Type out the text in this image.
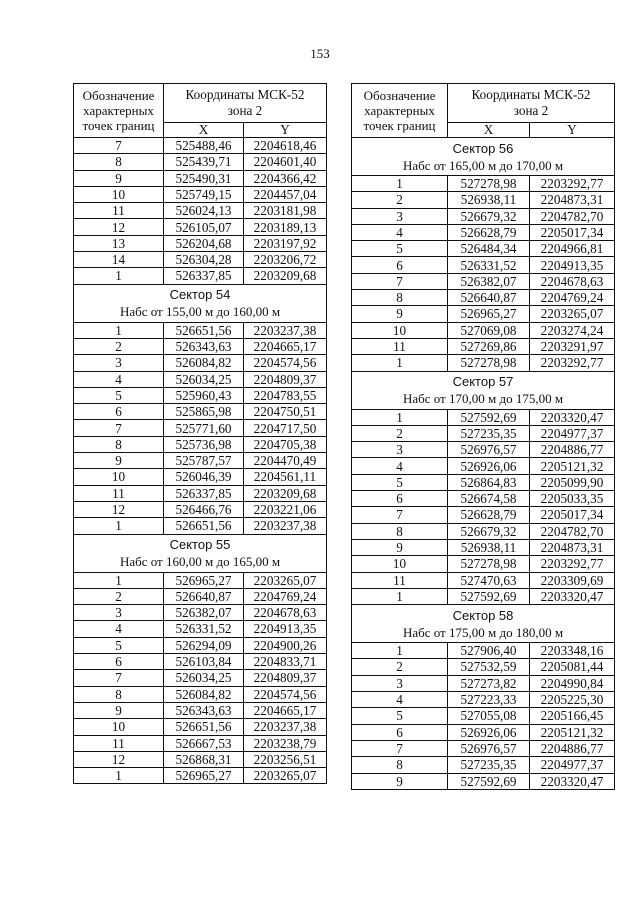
153
Обозначение
характерных
точек границ	Координаты МСК-52
зона 2	

	X	Y
7	525488,46	2204618,46
8	525439,71	2204601,40
9	525490,31	2204366,42
10	525749,15	2204457,04
11	526024,13	2203181,98
12	526105,07	2203189,13
13	526204,68	2203197,92
14	526304,28	2203206,72
1	526337,85	2203209,68

Сектор 54
Набс от 155,00 м до 160,00 м		

1	526651,56	2203237,38
2	526343,63	2204665,17
3	526084,82	2204574,56
4	526034,25	2204809,37
5	525960,43	2204783,55
6	525865,98	2204750,51
7	525771,60	2204717,50
8	525736,98	2204705,38
9	525787,57	2204470,49
10	526046,39	2204561,11
11	526337,85	2203209,68
12	526466,76	2203221,06
1	526651,56	2203237,38

Сектор 55
Набс от 160,00 м до 165,00 м		

1	526965,27	2203265,07
2	526640,87	2204769,24
3	526382,07	2204678,63
4	526331,52	2204913,35
5	526294,09	2204900,26
6	526103,84	2204833,71
7	526034,25	2204809,37
8	526084,82	2204574,56
9	526343,63	2204665,17
10	526651,56	2203237,38
11	526667,53	2203238,79
12	526868,31	2203256,51
1	526965,27	2203265,07
Обозначение
характерных
точек границ	Координаты МСК-52
зона 2	

	X	Y

Сектор 56
Набс от 165,00 м до 170,00 м		

1	527278,98	2203292,77
2	526938,11	2204873,31
3	526679,32	2204782,70
4	526628,79	2205017,34
5	526484,34	2204966,81
6	526331,52	2204913,35
7	526382,07	2204678,63
8	526640,87	2204769,24
9	526965,27	2203265,07
10	527069,08	2203274,24
11	527269,86	2203291,97
1	527278,98	2203292,77

Сектор 57
Набс от 170,00 м до 175,00 м		

1	527592,69	2203320,47
2	527235,35	2204977,37
3	526976,57	2204886,77
4	526926,06	2205121,32
5	526864,83	2205099,90
6	526674,58	2205033,35
7	526628,79	2205017,34
8	526679,32	2204782,70
9	526938,11	2204873,31
10	527278,98	2203292,77
11	527470,63	2203309,69
1	527592,69	2203320,47

Сектор 58
Набс от 175,00 м до 180,00 м		

1	527906,40	2203348,16
2	527532,59	2205081,44
3	527273,82	2204990,84
4	527223,33	2205225,30
5	527055,08	2205166,45
6	526926,06	2205121,32
7	526976,57	2204886,77
8	527235,35	2204977,37
9	527592,69	2203320,47
